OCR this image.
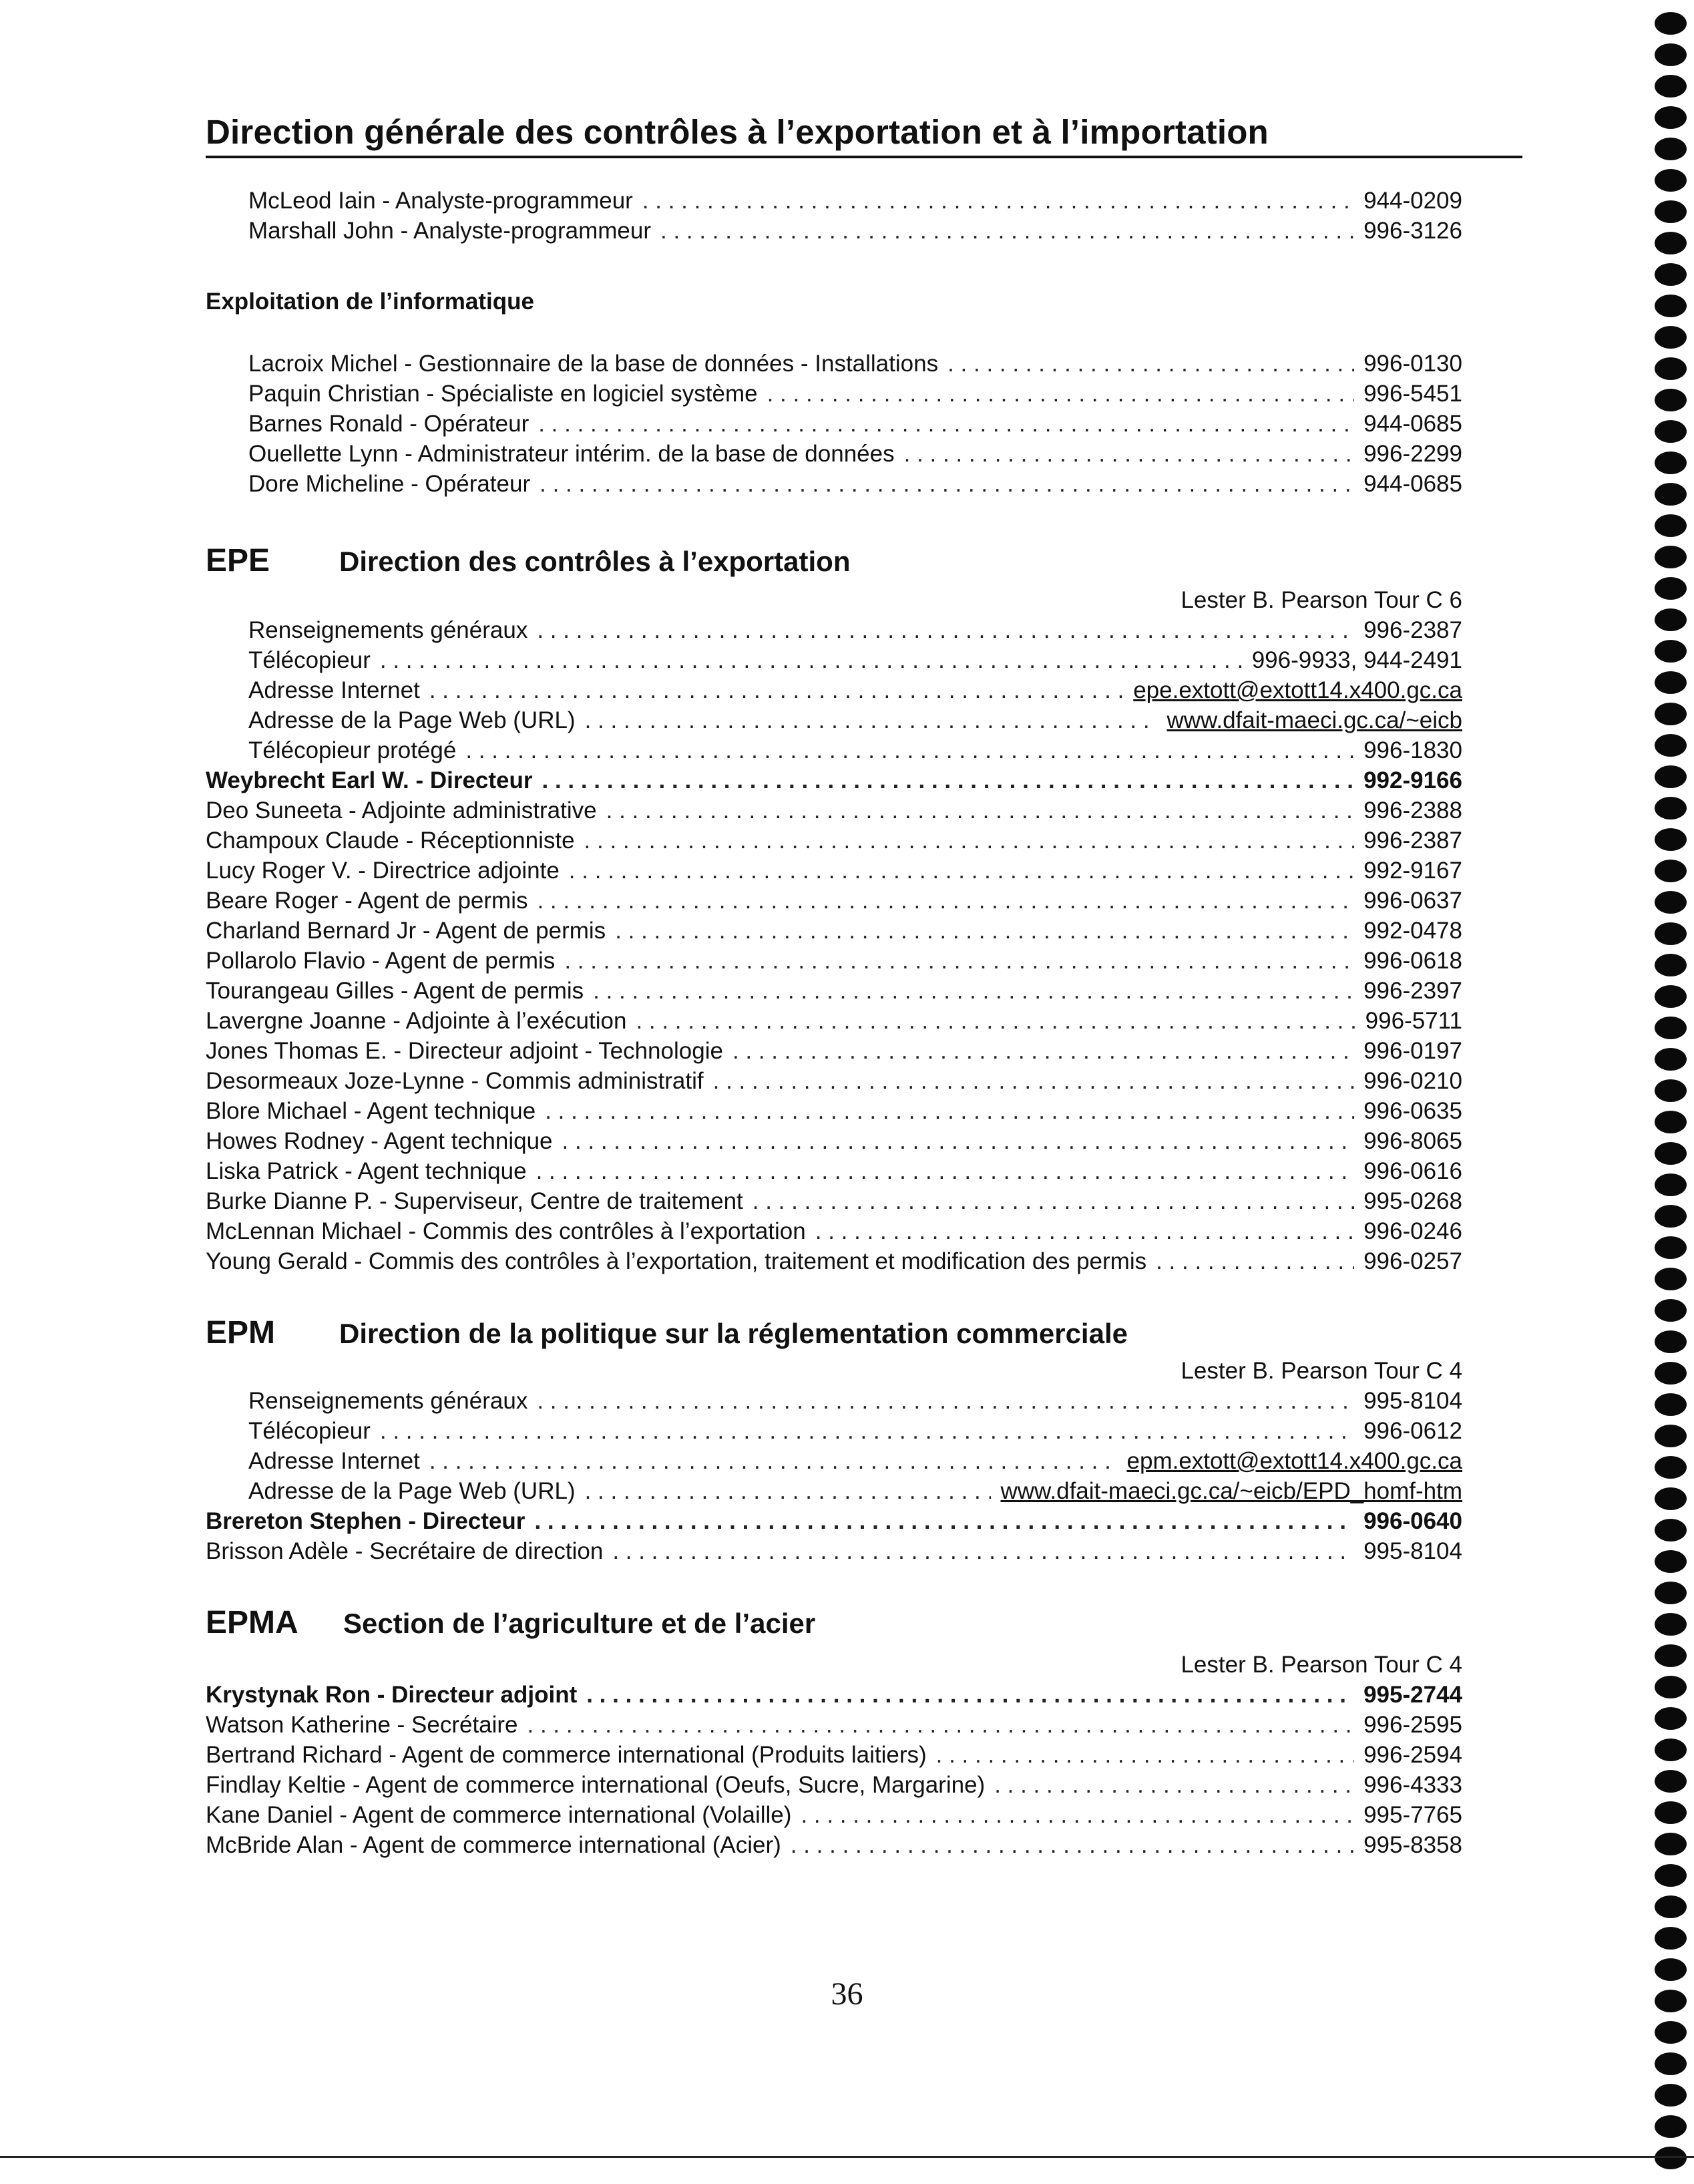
Direction générale des contrôles à l’exportation et à l’importation
McLeod Iain - Analyste-programmeur . . .	944-0209
Marshall John - Analyste-programmeur . . .	996-3126
Exploitation de l’informatique
Lacroix Michel - Gestionnaire de la base de données - Installations . . .	996-0130
Paquin Christian - Spécialiste en logiciel système . . .	996-5451
Barnes Ronald - Opérateur . . .	944-0685
Ouellette Lynn - Administrateur intérim. de la base de données . . .	996-2299
Dore Micheline - Opérateur . . .	944-0685
EPE	Direction des contrôles à l’exportation
Lester B. Pearson Tour C 6
Renseignements généraux . . .	996-2387
Télécopieur . . .	996-9933, 944-2491
Adresse Internet . . .	epe.extott@extott14.x400.gc.ca
Adresse de la Page Web (URL) . . .	www.dfait-maeci.gc.ca/~eicb
Télécopieur protégé . . .	996-1830
Weybrecht Earl W. - Directeur . . .	992-9166
Deo Suneeta - Adjointe administrative . . .	996-2388
Champoux Claude - Réceptionniste . . .	996-2387
Lucy Roger V. - Directrice adjointe . . .	992-9167
Beare Roger - Agent de permis . . .	996-0637
Charland Bernard Jr - Agent de permis . . .	992-0478
Pollarolo Flavio - Agent de permis . . .	996-0618
Tourangeau Gilles - Agent de permis . . .	996-2397
Lavergne Joanne - Adjointe à l’exécution . . .	996-5711
Jones Thomas E. - Directeur adjoint - Technologie . . .	996-0197
Desormeaux Joze-Lynne - Commis administratif . . .	996-0210
Blore Michael - Agent technique . . .	996-0635
Howes Rodney - Agent technique . . .	996-8065
Liska Patrick - Agent technique . . .	996-0616
Burke Dianne P. - Superviseur, Centre de traitement . . .	995-0268
McLennan Michael - Commis des contrôles à l’exportation . . .	996-0246
Young Gerald - Commis des contrôles à l’exportation, traitement et modification des permis . . .	996-0257
EPM	Direction de la politique sur la réglementation commerciale
Lester B. Pearson Tour C 4
Renseignements généraux . . .	995-8104
Télécopieur . . .	996-0612
Adresse Internet . . .	epm.extott@extott14.x400.gc.ca
Adresse de la Page Web (URL) . . .	www.dfait-maeci.gc.ca/~eicb/EPD_homf-htm
Brereton Stephen - Directeur . . .	996-0640
Brisson Adèle - Secrétaire de direction . . .	995-8104
EPMA	Section de l’agriculture et de l’acier
Lester B. Pearson Tour C 4
Krystynak Ron - Directeur adjoint . . .	995-2744
Watson Katherine - Secrétaire . . .	996-2595
Bertrand Richard - Agent de commerce international (Produits laitiers) . . .	996-2594
Findlay Keltie - Agent de commerce international (Oeufs, Sucre, Margarine) . . .	996-4333
Kane Daniel - Agent de commerce international (Volaille) . . .	995-7765
McBride Alan - Agent de commerce international (Acier) . . .	995-8358
36
